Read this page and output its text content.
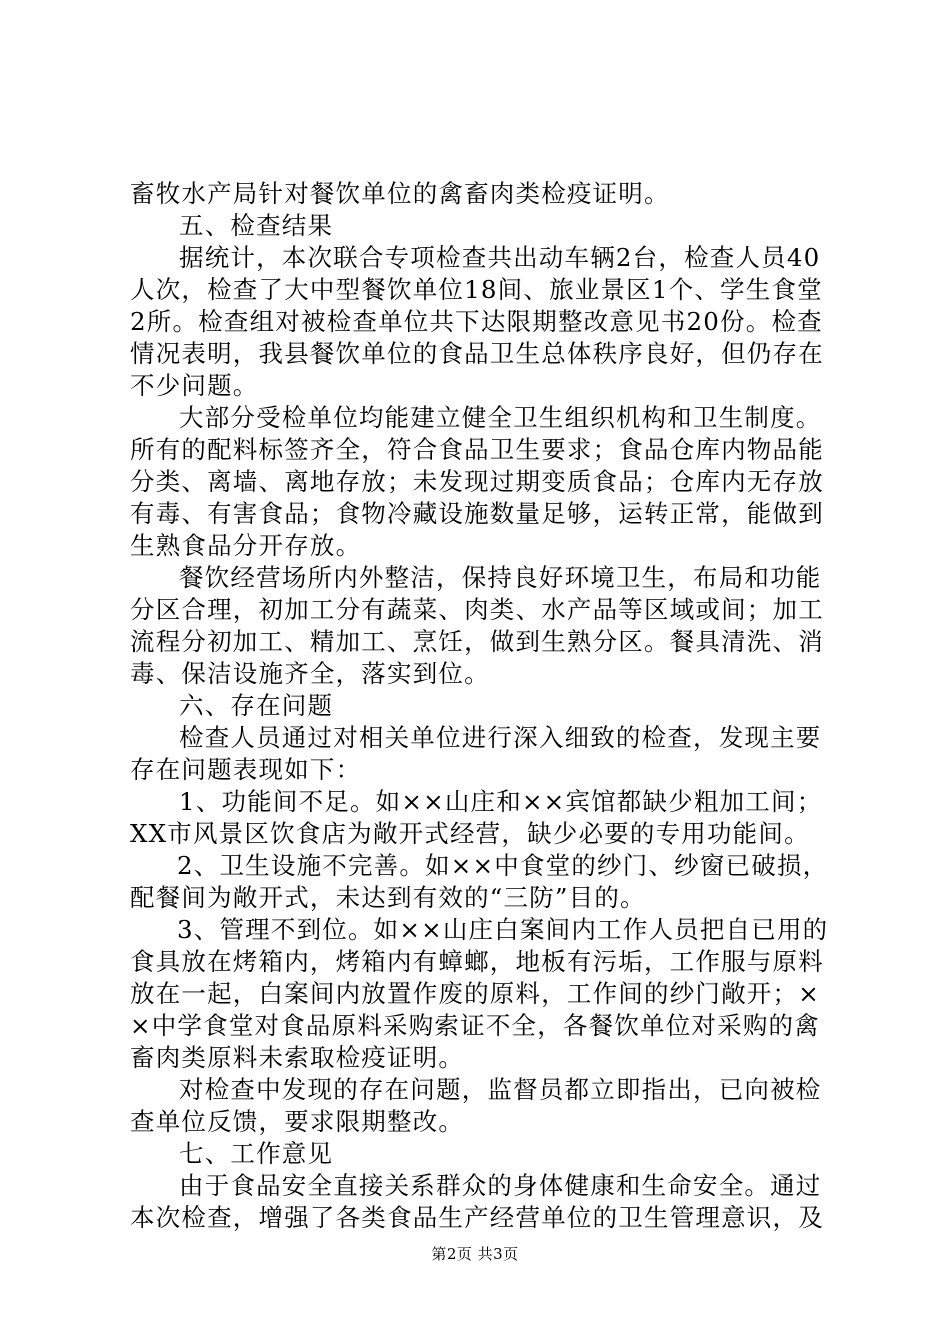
畜牧水产局针对餐饮单位的禽畜肉类检疫证明。
五、检查结果
据统计，本次联合专项检查共出动车辆2台，检查人员40
人次，检查了大中型餐饮单位18间、旅业景区1个、学生食堂
2所。检查组对被检查单位共下达限期整改意见书20份。检查
情况表明，我县餐饮单位的食品卫生总体秩序良好，但仍存在
不少问题。
大部分受检单位均能建立健全卫生组织机构和卫生制度。
所有的配料标签齐全，符合食品卫生要求；食品仓库内物品能
分类、离墙、离地存放；未发现过期变质食品；仓库内无存放
有毒、有害食品；食物冷藏设施数量足够，运转正常，能做到
生熟食品分开存放。
餐饮经营场所内外整洁，保持良好环境卫生，布局和功能
分区合理，初加工分有蔬菜、肉类、水产品等区域或间；加工
流程分初加工、精加工、烹饪，做到生熟分区。餐具清洗、消
毒、保洁设施齐全，落实到位。
六、存在问题
检查人员通过对相关单位进行深入细致的检查，发现主要
存在问题表现如下：
1、功能间不足。如××山庄和××宾馆都缺少粗加工间；
XX市风景区饮食店为敞开式经营，缺少必要的专用功能间。
2、卫生设施不完善。如××中食堂的纱门、纱窗已破损，
配餐间为敞开式，未达到有效的“三防”目的。
3、管理不到位。如××山庄白案间内工作人员把自已用的
食具放在烤箱内，烤箱内有蟑螂，地板有污垢，工作服与原料
放在一起，白案间内放置作废的原料，工作间的纱门敞开；×
×中学食堂对食品原料采购索证不全，各餐饮单位对采购的禽
畜肉类原料未索取检疫证明。
对检查中发现的存在问题，监督员都立即指出，已向被检
查单位反馈，要求限期整改。
七、工作意见
由于食品安全直接关系群众的身体健康和生命安全。通过
本次检查，增强了各类食品生产经营单位的卫生管理意识，及
第2页 共3页
